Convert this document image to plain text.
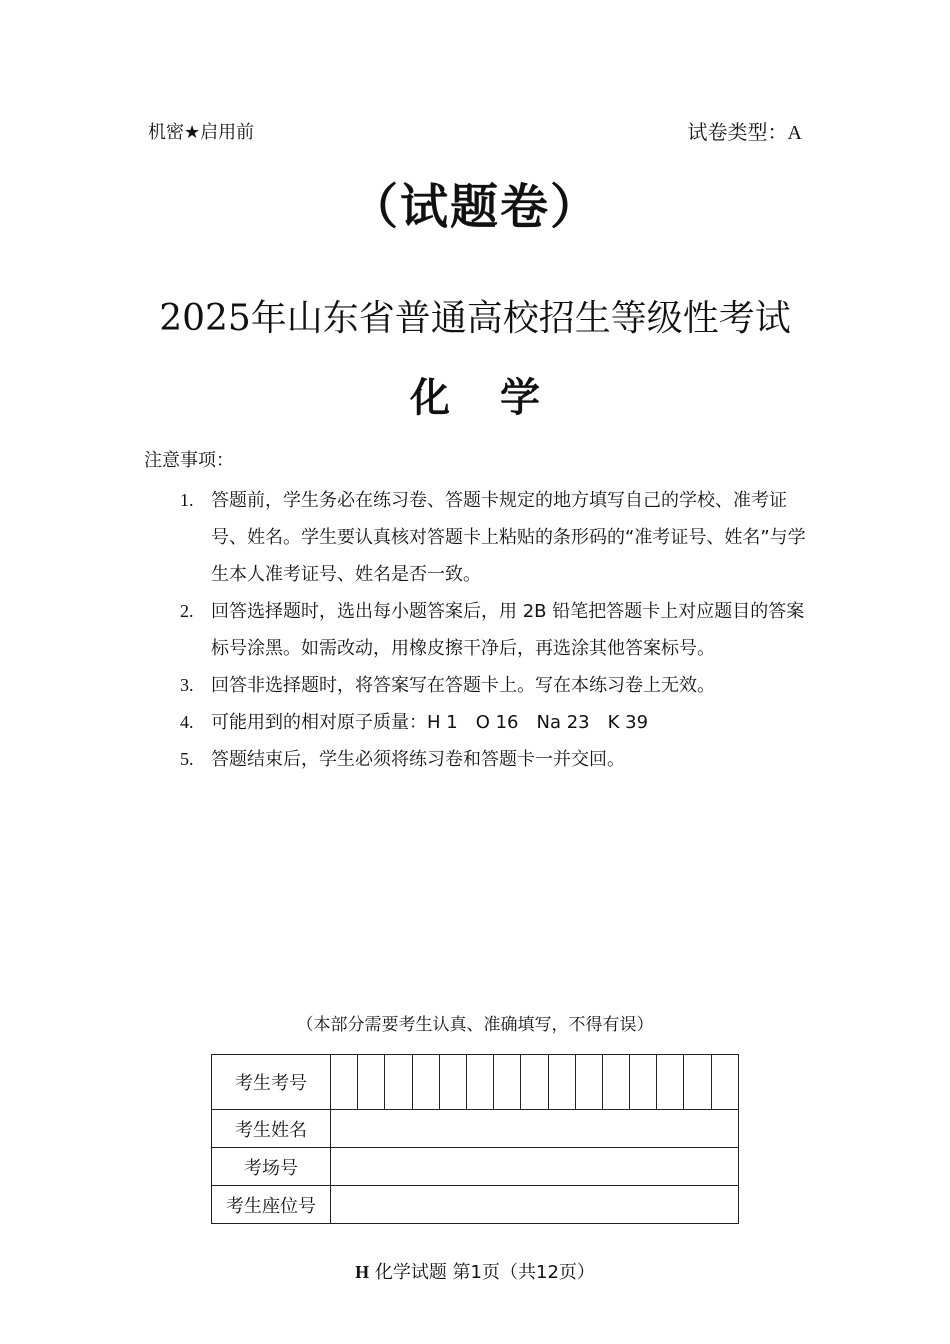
机密★启用前	试卷类型：A
（试题卷）
2025年山东省普通高校招生等级性考试
化 学
注意事项：
1. 答题前，学生务必在练习卷、答题卡规定的地方填写自己的学校、准考证号、姓名。学生要认真核对答题卡上粘贴的条形码的“准考证号、姓名”与学生本人准考证号、姓名是否一致。
2. 回答选择题时，选出每小题答案后，用 2B 铅笔把答题卡上对应题目的答案标号涂黑。如需改动，用橡皮擦干净后，再选涂其他答案标号。
3. 回答非选择题时，将答案写在答题卡上。写在本练习卷上无效。
4. 可能用到的相对原子质量：H 1　O 16　Na 23　K 39
5. 答题结束后，学生必须将练习卷和答题卡一并交回。
（本部分需要考生认真、准确填写，不得有误）
考生考号															
考生姓名															
考场号															
考生座位号															
H 化学试题 第1页（共12页）
